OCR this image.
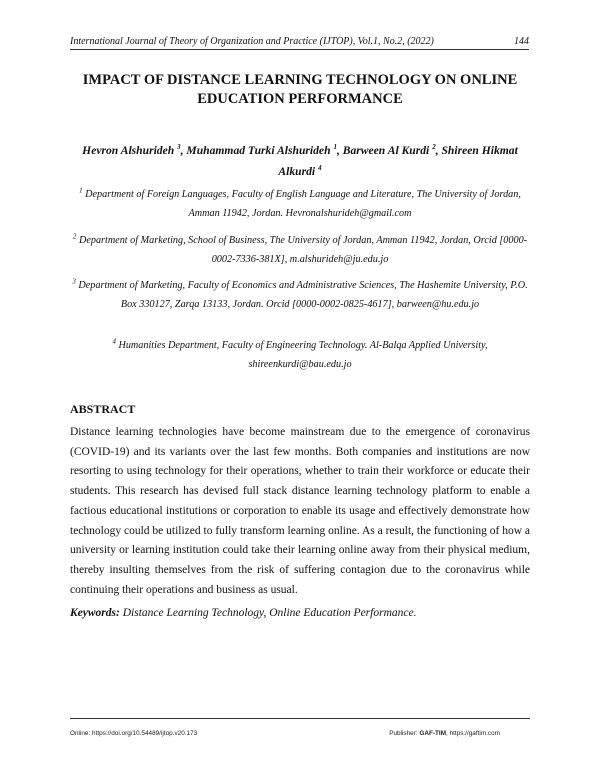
International Journal of Theory of Organization and Practice (IJTOP), Vol.1, No.2, (2022)	144
IMPACT OF DISTANCE LEARNING TECHNOLOGY ON ONLINE
EDUCATION PERFORMANCE
Hevron Alshurideh $^3$, Muhammad Turki Alshurideh $^1$, Barween Al Kurdi $^2$, Shireen Hikmat Alkurdi $^4$
$^1$ Department of Foreign Languages, Faculty of English Language and Literature, The University of Jordan, Amman 11942, Jordan. Hevronalshurideh@gmail.com
$^2$ Department of Marketing, School of Business, The University of Jordan, Amman 11942, Jordan, Orcid [0000-0002-7336-381X], m.alshurideh@ju.edu.jo
$^3$ Department of Marketing, Faculty of Economics and Administrative Sciences, The Hashemite University, P.O. Box 330127, Zarqa 13133, Jordan. Orcid [0000-0002-0825-4617], barween@hu.edu.jo
$^4$ Humanities Department, Faculty of Engineering Technology. Al-Balqa Applied University, shireenkurdi@bau.edu.jo
ABSTRACT
Distance learning technologies have become mainstream due to the emergence of coronavirus (COVID-19) and its variants over the last few months. Both companies and institutions are now resorting to using technology for their operations, whether to train their workforce or educate their students. This research has devised full stack distance learning technology platform to enable a factious educational institutions or corporation to enable its usage and effectively demonstrate how technology could be utilized to fully transform learning online. As a result, the functioning of how a university or learning institution could take their learning online away from their physical medium, thereby insulting themselves from the risk of suffering contagion due to the coronavirus while continuing their operations and business as usual.
Keywords: Distance Learning Technology, Online Education Performance.
Online: https://doi.org/10.54489/ijtop.v20.173	Publisher: GAF-TIM, https://gaftim.com
